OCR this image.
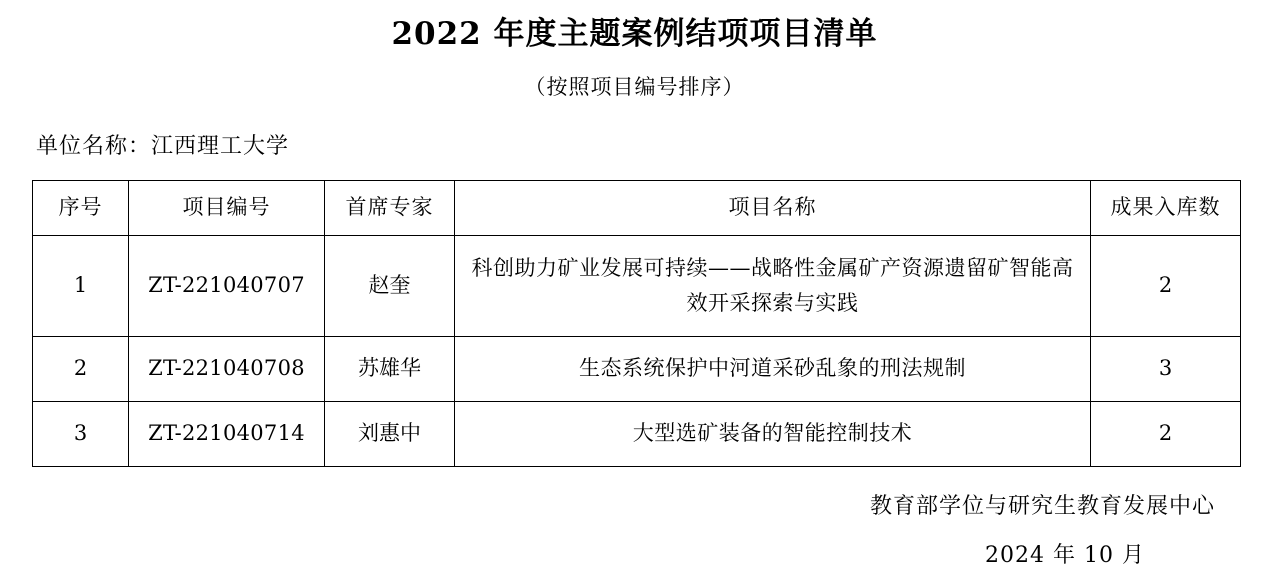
2022 年度主题案例结项项目清单
（按照项目编号排序）
单位名称：江西理工大学
序号	项目编号	首席专家	项目名称	成果入库数
1	ZT-221040707	赵奎	科创助力矿业发展可持续——战略性金属矿产资源遗留矿智能高效开采探索与实践	2
2	ZT-221040708	苏雄华	生态系统保护中河道采砂乱象的刑法规制	3
3	ZT-221040714	刘惠中	大型选矿装备的智能控制技术	2
教育部学位与研究生教育发展中心
2024 年 10 月
